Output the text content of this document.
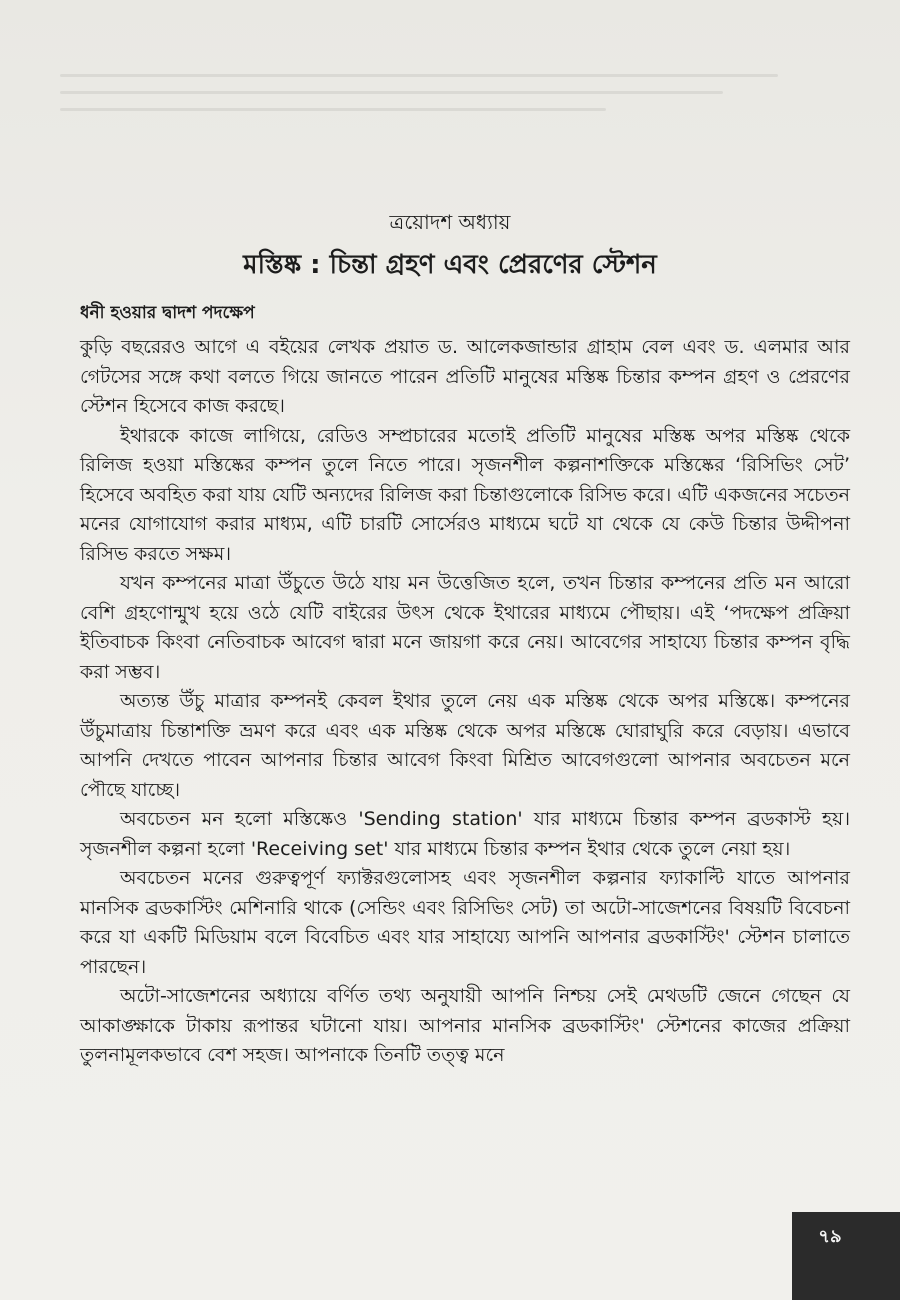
ত্রয়োদশ অধ্যায়
মস্তিষ্ক : চিন্তা গ্রহণ এবং প্রেরণের স্টেশন
ধনী হওয়ার দ্বাদশ পদক্ষেপ

কুড়ি বছরেরও আগে এ বইয়ের লেখক প্রয়াত ড. আলেকজান্ডার গ্রাহাম বেল এবং ড. এলমার আর গেটসের সঙ্গে কথা বলতে গিয়ে জানতে পারেন প্রতিটি মানুষের মস্তিষ্ক চিন্তার কম্পন গ্রহণ ও প্রেরণের স্টেশন হিসেবে কাজ করছে।

ইথারকে কাজে লাগিয়ে, রেডিও সম্প্রচারের মতোই প্রতিটি মানুষের মস্তিষ্ক অপর মস্তিষ্ক থেকে রিলিজ হওয়া মস্তিষ্কের কম্পন তুলে নিতে পারে। সৃজনশীল কল্পনাশক্তিকে মস্তিষ্কের ‘রিসিভিং সেট’ হিসেবে অবহিত করা যায় যেটি অন্যদের রিলিজ করা চিন্তাগুলোকে রিসিভ করে। এটি একজনের সচেতন মনের যোগাযোগ করার মাধ্যম, এটি চারটি সোর্সেরও মাধ্যমে ঘটে যা থেকে যে কেউ চিন্তার উদ্দীপনা রিসিভ করতে সক্ষম।

যখন কম্পনের মাত্রা উঁচুতে উঠে যায় মন উত্তেজিত হলে, তখন চিন্তার কম্পনের প্রতি মন আরো বেশি গ্রহণোন্মুখ হয়ে ওঠে যেটি বাইরের উৎস থেকে ইথারের মাধ্যমে পৌছায়। এই ‘পদক্ষেপ প্রক্রিয়া ইতিবাচক কিংবা নেতিবাচক আবেগ দ্বারা মনে জায়গা করে নেয়। আবেগের সাহায্যে চিন্তার কম্পন বৃদ্ধি করা সম্ভব।

অত্যন্ত উঁচু মাত্রার কম্পনই কেবল ইথার তুলে নেয় এক মস্তিষ্ক থেকে অপর মস্তিষ্কে। কম্পনের উঁচুমাত্রায় চিন্তাশক্তি ভ্রমণ করে এবং এক মস্তিষ্ক থেকে অপর মস্তিষ্কে ঘোরাঘুরি করে বেড়ায়। এভাবে আপনি দেখতে পাবেন আপনার চিন্তার আবেগ কিংবা মিশ্রিত আবেগগুলো আপনার অবচেতন মনে পৌছে যাচ্ছে।

অবচেতন মন হলো মস্তিষ্কেও 'Sending station' যার মাধ্যমে চিন্তার কম্পন ব্রডকাস্ট হয়। সৃজনশীল কল্পনা হলো 'Receiving set' যার মাধ্যমে চিন্তার কম্পন ইথার থেকে তুলে নেয়া হয়।

অবচেতন মনের গুরুত্বপূর্ণ ফ্যাক্টরগুলোসহ এবং সৃজনশীল কল্পনার ফ্যাকাল্টি যাতে আপনার মানসিক ব্রডকাস্টিং মেশিনারি থাকে (সেন্ডিং এবং রিসিভিং সেট) তা অটো-সাজেশনের বিষয়টি বিবেচনা করে যা একটি মিডিয়াম বলে বিবেচিত এবং যার সাহায্যে আপনি আপনার ব্রডকাস্টিং' স্টেশন চালাতে পারছেন।

অটো-সাজেশনের অধ্যায়ে বর্ণিত তথ্য অনুযায়ী আপনি নিশ্চয় সেই মেথডটি জেনে গেছেন যে আকাঙ্ক্ষাকে টাকায় রূপান্তর ঘটানো যায়। আপনার মানসিক ব্রডকাস্টিং' স্টেশনের কাজের প্রক্রিয়া তুলনামূলকভাবে বেশ সহজ। আপনাকে তিনটি তত্ত্ব মনে

৭৯
